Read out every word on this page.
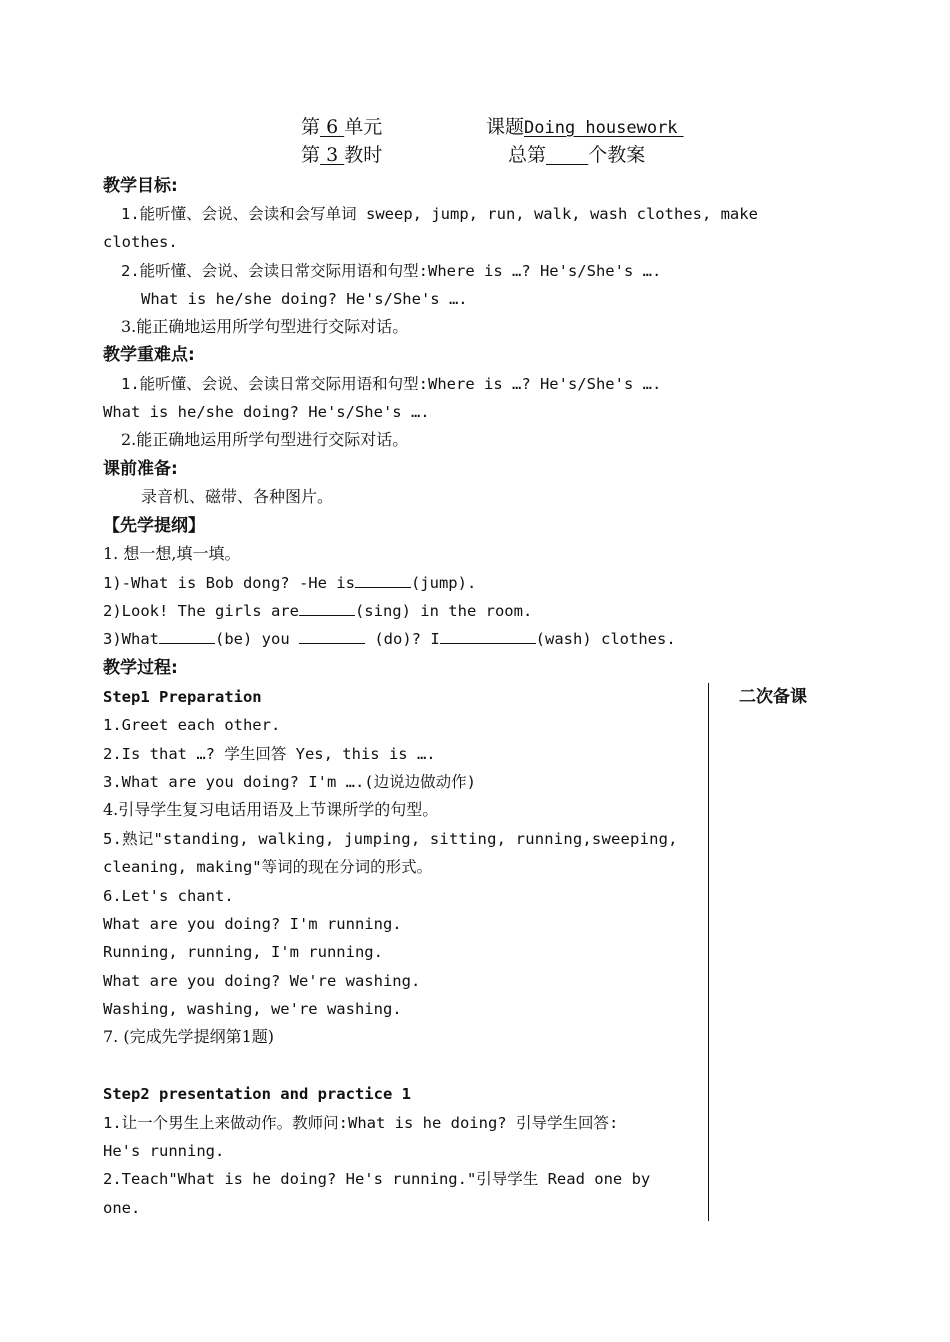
第 6 单元	课题Doing housework
第 3 教时	总第 个教案
教学目标:
1.能听懂、会说、会读和会写单词 sweep, jump, run, walk, wash clothes, make
clothes.
2.能听懂、会说、会读日常交际用语和句型:Where is …? He's/She's ….
What is he/she doing? He's/She's ….
3.能正确地运用所学句型进行交际对话。
教学重难点:
1.能听懂、会说、会读日常交际用语和句型:Where is …? He's/She's ….
What is he/she doing? He's/She's ….
2.能正确地运用所学句型进行交际对话。
课前准备:
录音机、磁带、各种图片。
【先学提纲】
1. 想一想,填一填。
1)-What is Bob dong? -He is	(jump).
2)Look! The girls are	(sing) in the room.
3)What	(be) you	(do)? I	(wash) clothes.
教学过程:
二次备课
Step1 Preparation
1.Greet each other.
2.Is that …? 学生回答 Yes, this is ….
3.What are you doing? I'm ….(边说边做动作)
4.引导学生复习电话用语及上节课所学的句型。
5.熟记"standing, walking, jumping, sitting, running,sweeping,
cleaning, making"等词的现在分词的形式。
6.Let's chant.
What are you doing? I'm running.
Running, running, I'm running.
What are you doing? We're washing.
Washing, washing, we're washing.
7. (完成先学提纲第1题)
Step2 presentation and practice 1
1.让一个男生上来做动作。教师问:What is he doing? 引导学生回答:
He's running.
2.Teach"What is he doing? He's running."引导学生 Read one by
one.
